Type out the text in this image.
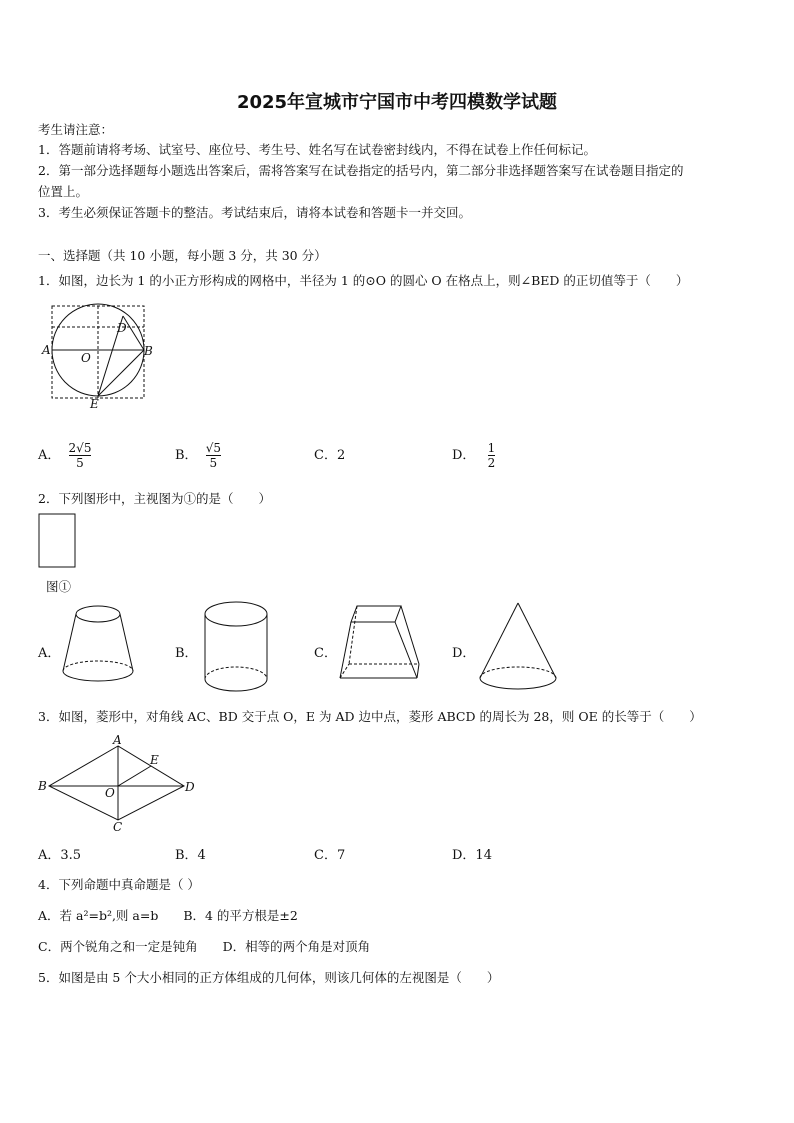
2025年宣城市宁国市中考四模数学试题
考生请注意：
1．答题前请将考场、试室号、座位号、考生号、姓名写在试卷密封线内，不得在试卷上作任何标记。
2．第一部分选择题每小题选出答案后，需将答案写在试卷指定的括号内，第二部分非选择题答案写在试卷题目指定的
位置上。
3．考生必须保证答题卡的整洁。考试结束后，请将本试卷和答题卡一并交回。
一、选择题（共 10 小题，每小题 3 分，共 30 分）
1．如图，边长为 1 的小正方形构成的网格中，半径为 1 的⊙O 的圆心 O 在格点上，则∠BED 的正切值等于（　　）
A	B
D
O
E
A． $\frac{2√5}{5}$	B． $\frac{√5}{5}$	C．2	D． $\frac{1}{2}$
2．下列图形中，主视图为①的是（　　）
图①
A．	B．	C．	D．
3．如图，菱形中，对角线 AC、BD 交于点 O，E 为 AD 边中点，菱形 ABCD 的周长为 28，则 OE 的长等于（　　）
A
B
C
D
E
O
A．3.5	B．4	C．7	D．14
4．下列命题中真命题是（ ）
A．若 a²=b²,则 a=b　　B．4 的平方根是±2
C．两个锐角之和一定是钝角　　D．相等的两个角是对顶角
5．如图是由 5 个大小相同的正方体组成的几何体，则该几何体的左视图是（　　）
